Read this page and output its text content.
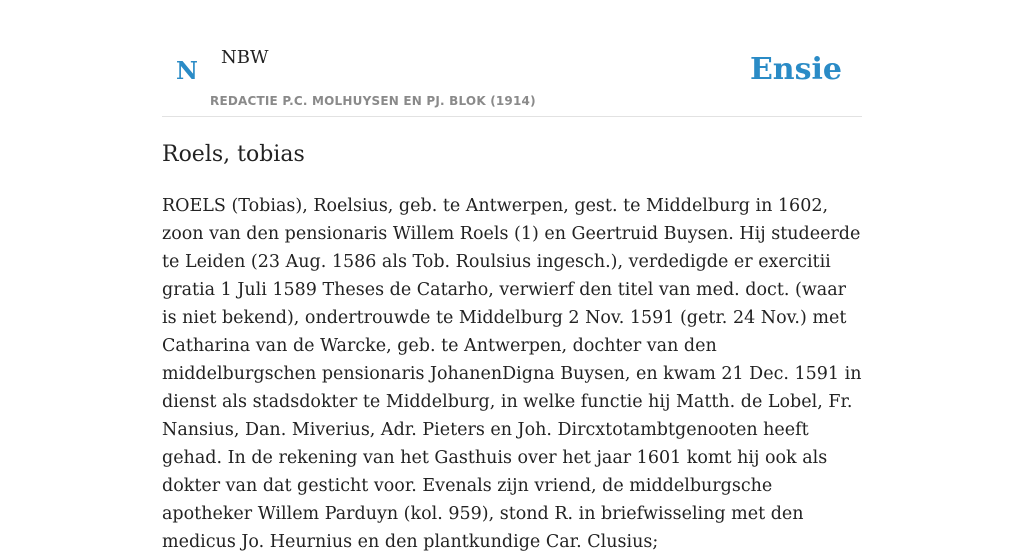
N NBW
REDACTIE P.C. MOLHUYSEN EN PJ. BLOK (1914)
Ensie
Roels, tobias

ROELS (Tobias), Roelsius, geb. te Antwerpen, gest. te Middelburg in 1602, zoon van den pensionaris Willem Roels (1) en Geertruid Buysen. Hij studeerde te Leiden (23 Aug. 1586 als Tob. Roulsius ingesch.), verdedigde er exercitii gratia 1 Juli 1589 Theses de Catarho, verwierf den titel van med. doct. (waar is niet bekend), ondertrouwde te Middelburg 2 Nov. 1591 (getr. 24 Nov.) met Catharina van de Warcke, geb. te Antwerpen, dochter van den middelburgschen pensionaris JohanenDigna Buysen, en kwam 21 Dec. 1591 in dienst als stadsdokter te Middelburg, in welke functie hij Matth. de Lobel, Fr. Nansius, Dan. Miverius, Adr. Pieters en Joh. Dircxtotambtgenooten heeft gehad. In de rekening van het Gasthuis over het jaar 1601 komt hij ook als dokter van dat gesticht voor. Evenals zijn vriend, de middelburgsche apotheker Willem Parduyn (kol. 959), stond R. in briefwisseling met den medicus Jo. Heurnius en den plantkundige Car. Clusius;
